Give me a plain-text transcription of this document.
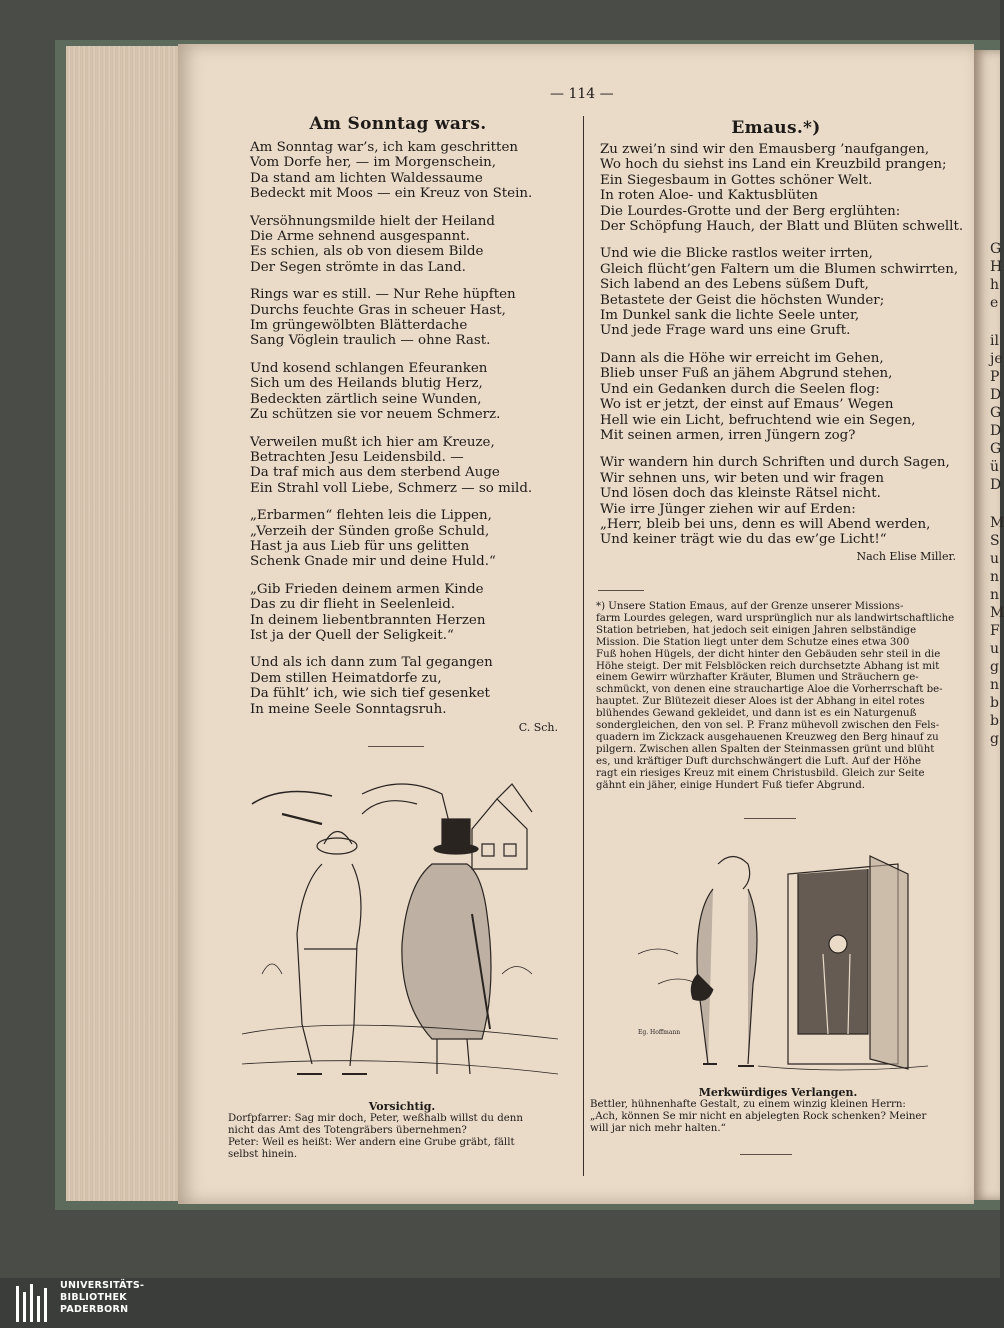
— 114 —
Am Sonntag wars.
Am Sonntag war’s, ich kam geschritten
Vom Dorfe her, — im Morgenschein,
Da stand am lichten Waldessaume
Bedeckt mit Moos — ein Kreuz von Stein.
Versöhnungsmilde hielt der Heiland
Die Arme sehnend ausgespannt.
Es schien, als ob von diesem Bilde
Der Segen strömte in das Land.
Rings war es still. — Nur Rehe hüpften
Durchs feuchte Gras in scheuer Hast,
Im grüngewölbten Blätterdache
Sang Vöglein traulich — ohne Rast.
Und kosend schlangen Efeuranken
Sich um des Heilands blutig Herz,
Bedeckten zärtlich seine Wunden,
Zu schützen sie vor neuem Schmerz.
Verweilen mußt ich hier am Kreuze,
Betrachten Jesu Leidensbild. —
Da traf mich aus dem sterbend Auge
Ein Strahl voll Liebe, Schmerz — so mild.
„Erbarmen“ flehten leis die Lippen,
„Verzeih der Sünden große Schuld,
Hast ja aus Lieb für uns gelitten
Schenk Gnade mir und deine Huld.“
„Gib Frieden deinem armen Kinde
Das zu dir flieht in Seelenleid.
In deinem liebentbrannten Herzen
Ist ja der Quell der Seligkeit.“
Und als ich dann zum Tal gegangen
Dem stillen Heimatdorfe zu,
Da fühlt’ ich, wie sich tief gesenket
In meine Seele Sonntagsruh.
C. Sch.
Vorsichtig.
Dorfpfarrer: Sag mir doch, Peter, weßhalb willst du denn
nicht das Amt des Totengräbers übernehmen?
Peter: Weil es heißt: Wer andern eine Grube gräbt, fällt
selbst hinein.
Emaus.*)
Zu zwei’n sind wir den Emausberg ’naufgangen,
Wo hoch du siehst ins Land ein Kreuzbild prangen;
Ein Siegesbaum in Gottes schöner Welt.
In roten Aloe- und Kaktusblüten
Die Lourdes-Grotte und der Berg erglühten:
Der Schöpfung Hauch, der Blatt und Blüten schwellt.
Und wie die Blicke rastlos weiter irrten,
Gleich flücht’gen Faltern um die Blumen schwirrten,
Sich labend an des Lebens süßem Duft,
Betastete der Geist die höchsten Wunder;
Im Dunkel sank die lichte Seele unter,
Und jede Frage ward uns eine Gruft.
Dann als die Höhe wir erreicht im Gehen,
Blieb unser Fuß an jähem Abgrund stehen,
Und ein Gedanken durch die Seelen flog:
Wo ist er jetzt, der einst auf Emaus’ Wegen
Hell wie ein Licht, befruchtend wie ein Segen,
Mit seinen armen, irren Jüngern zog?
Wir wandern hin durch Schriften und durch Sagen,
Wir sehnen uns, wir beten und wir fragen
Und lösen doch das kleinste Rätsel nicht.
Wie irre Jünger ziehen wir auf Erden:
„Herr, bleib bei uns, denn es will Abend werden,
Und keiner trägt wie du das ew’ge Licht!“
Nach Elise Miller.
*) Unsere Station Emaus, auf der Grenze unserer Missions-
farm Lourdes gelegen, ward ursprünglich nur als landwirtschaftliche
Station betrieben, hat jedoch seit einigen Jahren selbständige
Mission. Die Station liegt unter dem Schutze eines etwa 300
Fuß hohen Hügels, der dicht hinter den Gebäuden sehr steil in die
Höhe steigt. Der mit Felsblöcken reich durchsetzte Abhang ist mit
einem Gewirr würzhafter Kräuter, Blumen und Sträuchern ge-
schmückt, von denen eine strauchartige Aloe die Vorherrschaft be-
hauptet. Zur Blütezeit dieser Aloes ist der Abhang in eitel rotes
blühendes Gewand gekleidet, und dann ist es ein Naturgenuß
sondergleichen, den von sel. P. Franz mühevoll zwischen den Fels-
quadern im Zickzack ausgehauenen Kreuzweg den Berg hinauf zu
pilgern. Zwischen allen Spalten der Steinmassen grünt und blüht
es, und kräftiger Duft durchschwängert die Luft. Auf der Höhe
ragt ein riesiges Kreuz mit einem Christusbild. Gleich zur Seite
gähnt ein jäher, einige Hundert Fuß tiefer Abgrund.
Eg. Hoffmann
Merkwürdiges Verlangen.
Bettler, hühnenhafte Gestalt, zu einem winzig kleinen Herrn:
„Ach, können Se mir nicht en abjelegten Rock schenken? Meiner
will jar nich mehr halten.“
G
H
h
e
il
je
P
D
G
D
G
ü
D
M
S
u
n
n
M
F
u
g
n
b
b
g
UNIVERSITÄTS-
BIBLIOTHEK
PADERBORN
